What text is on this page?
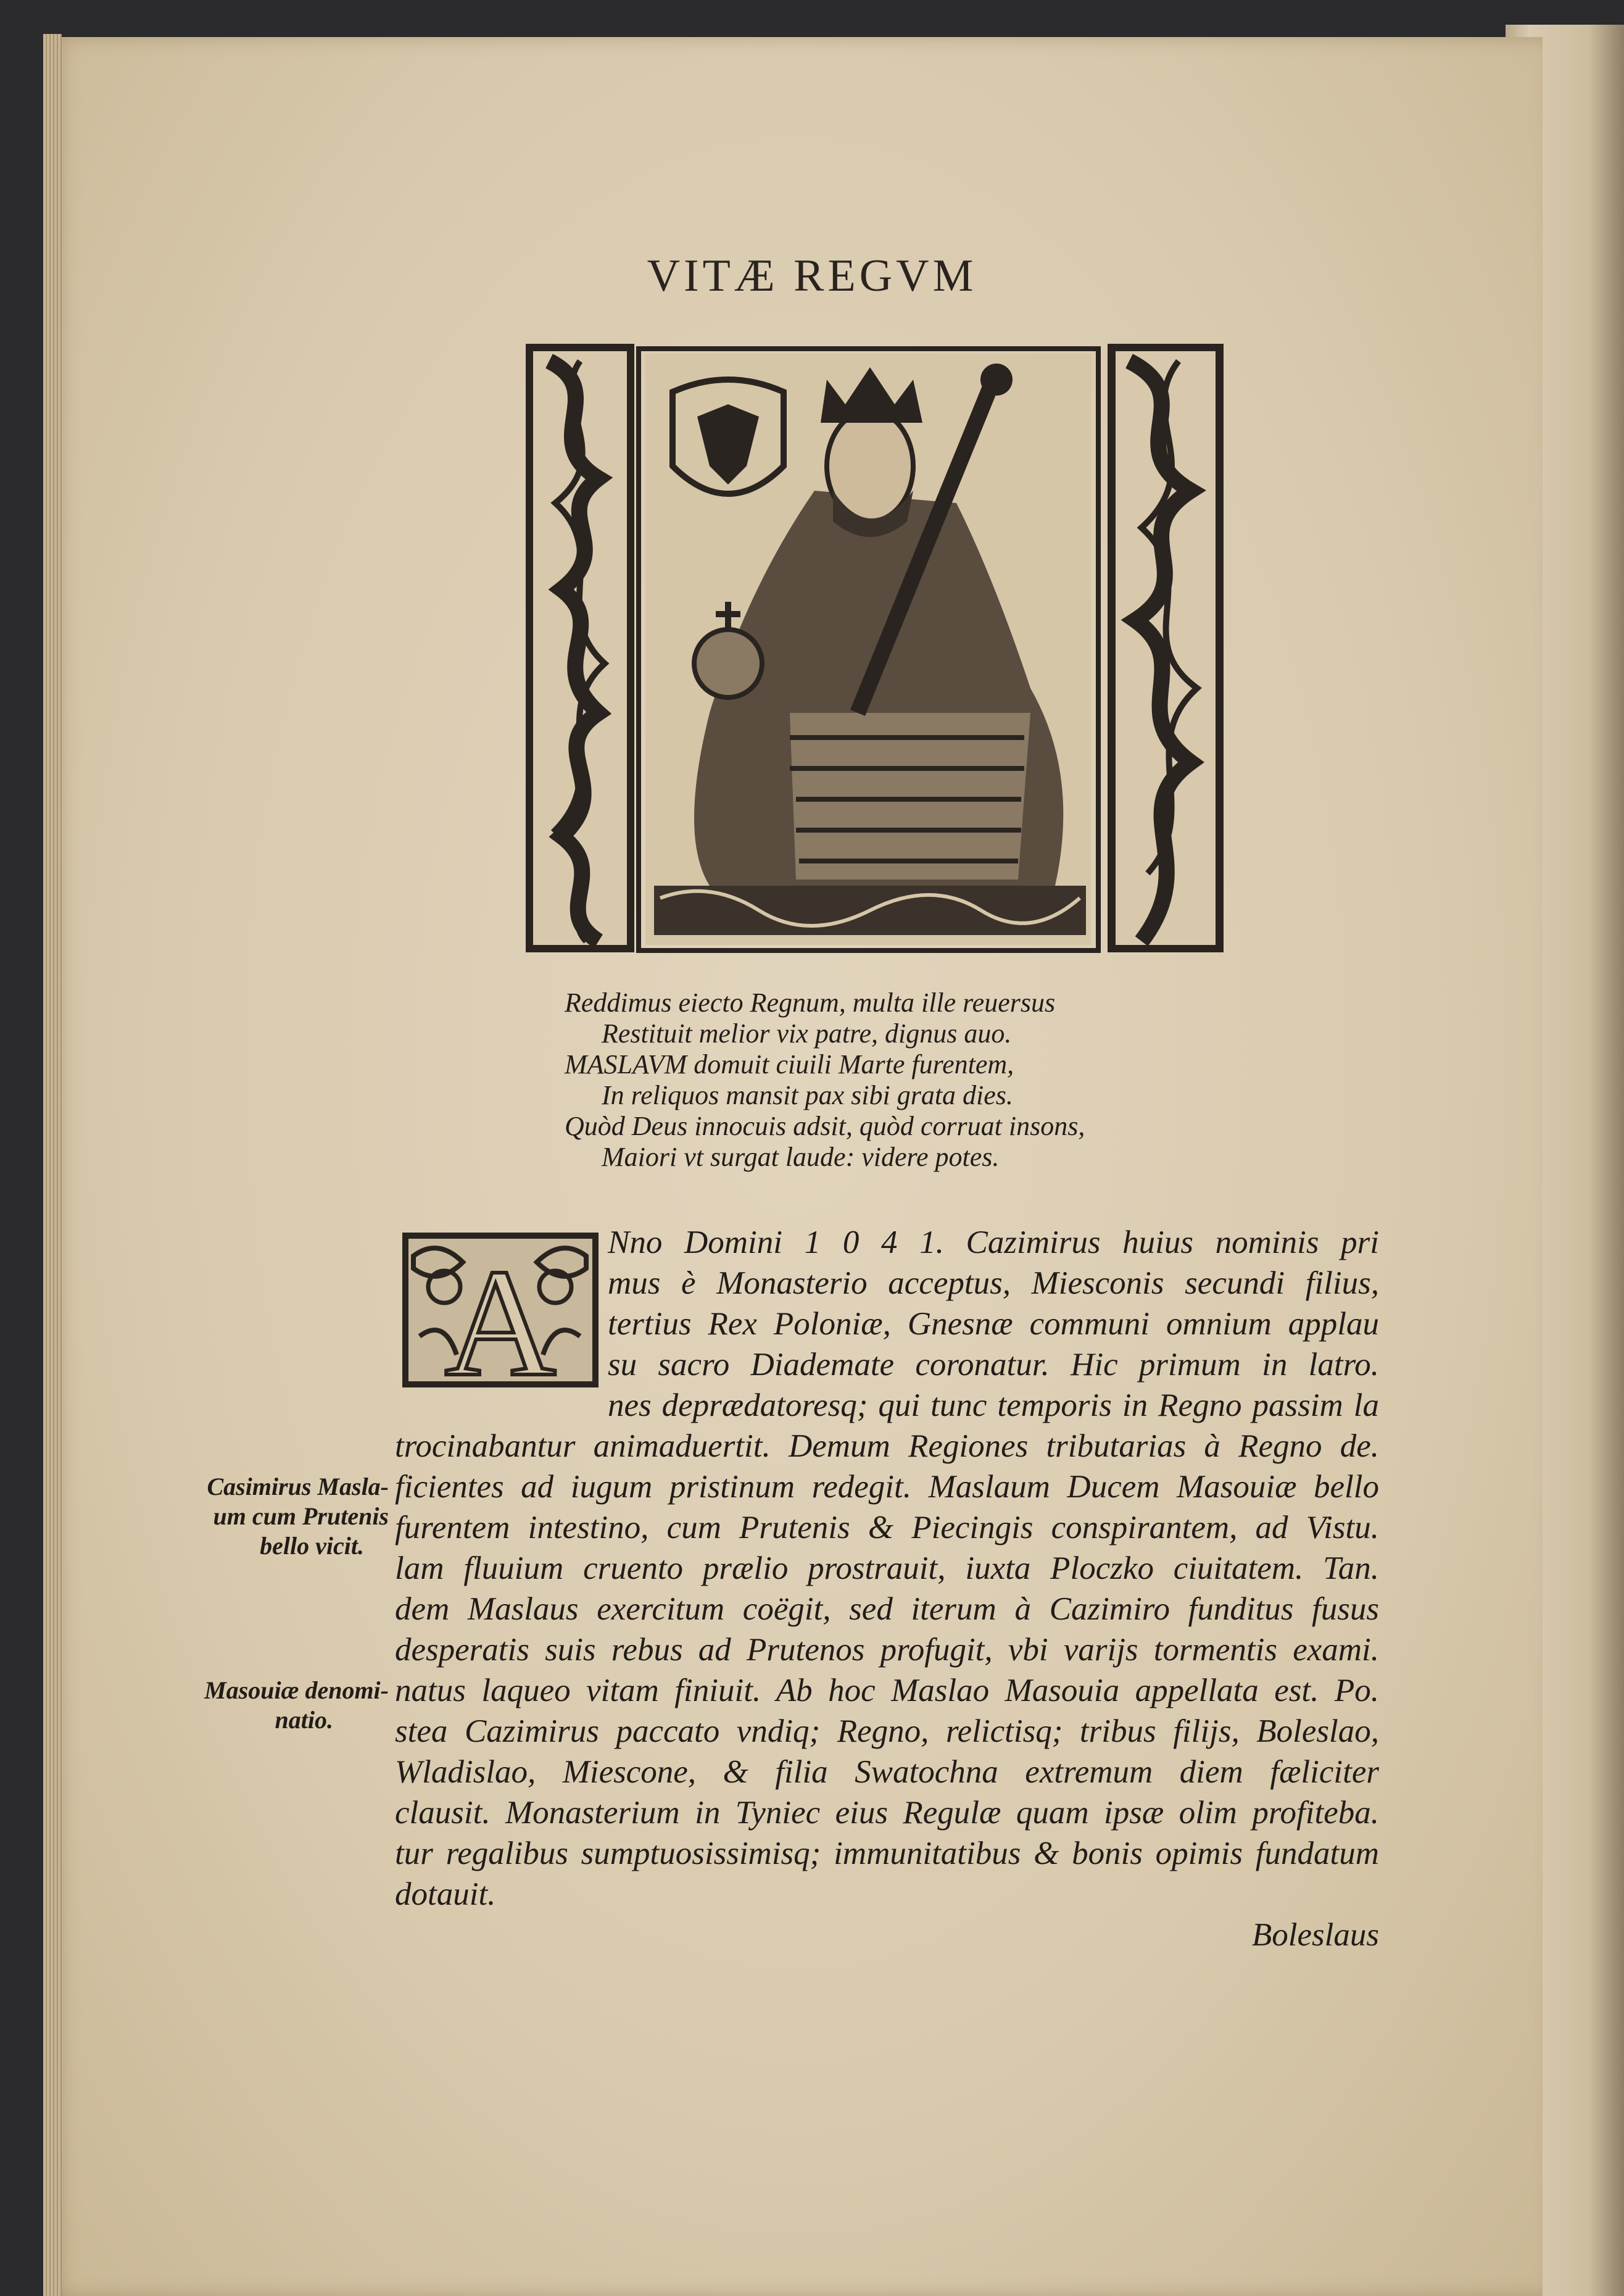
VITÆ REGVM
Reddimus eiecto Regnum, multa ille reuersus
Restituit melior vix patre, dignus auo.
MASLAVM domuit ciuili Marte furentem,
In reliquos mansit pax sibi grata dies.
Quòd Deus innocuis adsit, quòd corruat insons,
Maiori vt surgat laude: videre potes.
A Nno Domini 1 0 4 1. Cazimirus huius nominis pri
mus è Monasterio acceptus, Miesconis secundi filius,
tertius Rex Poloniæ, Gnesnæ communi omnium applau
su sacro Diademate coronatur. Hic primum in latro.
nes deprædatoresq; qui tunc temporis in Regno passim la
trocinabantur animaduertit. Demum Regiones tributarias à Regno de.
ficientes ad iugum pristinum redegit. Maslaum Ducem Masouiæ bello
furentem intestino, cum Prutenis & Piecingis conspirantem, ad Vistu.
lam fluuium cruento prælio prostrauit, iuxta Ploczko ciuitatem. Tan.
dem Maslaus exercitum coëgit, sed iterum à Cazimiro funditus fusus
desperatis suis rebus ad Prutenos profugit, vbi varijs tormentis exami.
natus laqueo vitam finiuit. Ab hoc Maslao Masouia appellata est. Po.
stea Cazimirus paccato vndiq; Regno, relictisq; tribus filijs, Boleslao,
Wladislao, Miescone, & filia Swatochna extremum diem fæliciter
clausit. Monasterium in Tyniec eius Regulæ quam ipsæ olim profiteba.
tur regalibus sumptuosissimisq; immunitatibus & bonis opimis fundatum
dotauit.
Boleslaus
Casimirus Masla-
um cum Prutenis
bello vicit.
Masouiæ denomi-
natio.
